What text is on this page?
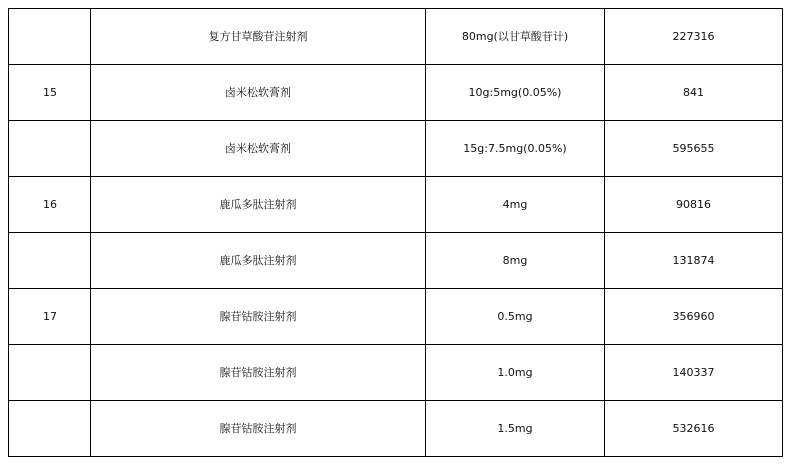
	复方甘草酸苷注射剂	80mg(以甘草酸苷计)	227316
15	卤米松软膏剂	10g:5mg(0.05%)	841
	卤米松软膏剂	15g:7.5mg(0.05%)	595655
16	鹿瓜多肽注射剂	4mg	90816
	鹿瓜多肽注射剂	8mg	131874
17	腺苷钴胺注射剂	0.5mg	356960
	腺苷钴胺注射剂	1.0mg	140337
	腺苷钴胺注射剂	1.5mg	532616
